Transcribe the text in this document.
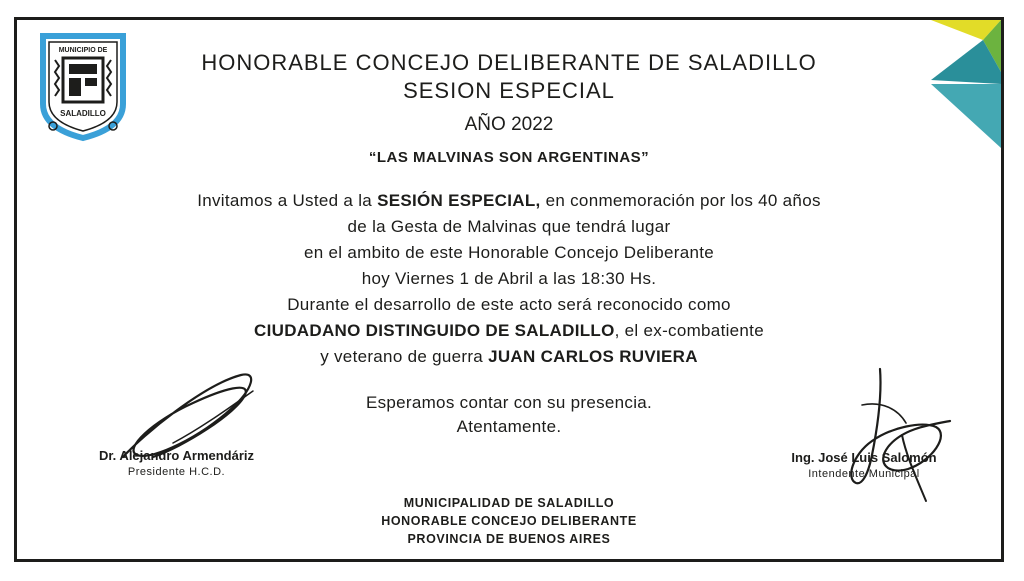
MUNICIPIO DE
SALADILLO
HONORABLE CONCEJO DELIBERANTE DE SALADILLO
SESION ESPECIAL
AÑO 2022
“LAS MALVINAS SON ARGENTINAS”

Invitamos a Usted a la SESIÓN ESPECIAL, en conmemoración por los 40 años

de la Gesta de Malvinas que tendrá lugar

en el ambito de este Honorable Concejo Deliberante

hoy Viernes 1 de Abril a las 18:30 Hs.

Durante el desarrollo de este acto será reconocido como

CIUDADANO DISTINGUIDO DE SALADILLO, el ex-combatiente

y veterano de guerra JUAN CARLOS RUVIERA

Esperamos contar con su presencia.

Atentamente.

Dr. Alejandro Armendáriz
Presidente H.C.D.
Ing. José Luis Salomón
Intendente Municipal

MUNICIPALIDAD DE SALADILLO

HONORABLE CONCEJO DELIBERANTE

PROVINCIA DE BUENOS AIRES
